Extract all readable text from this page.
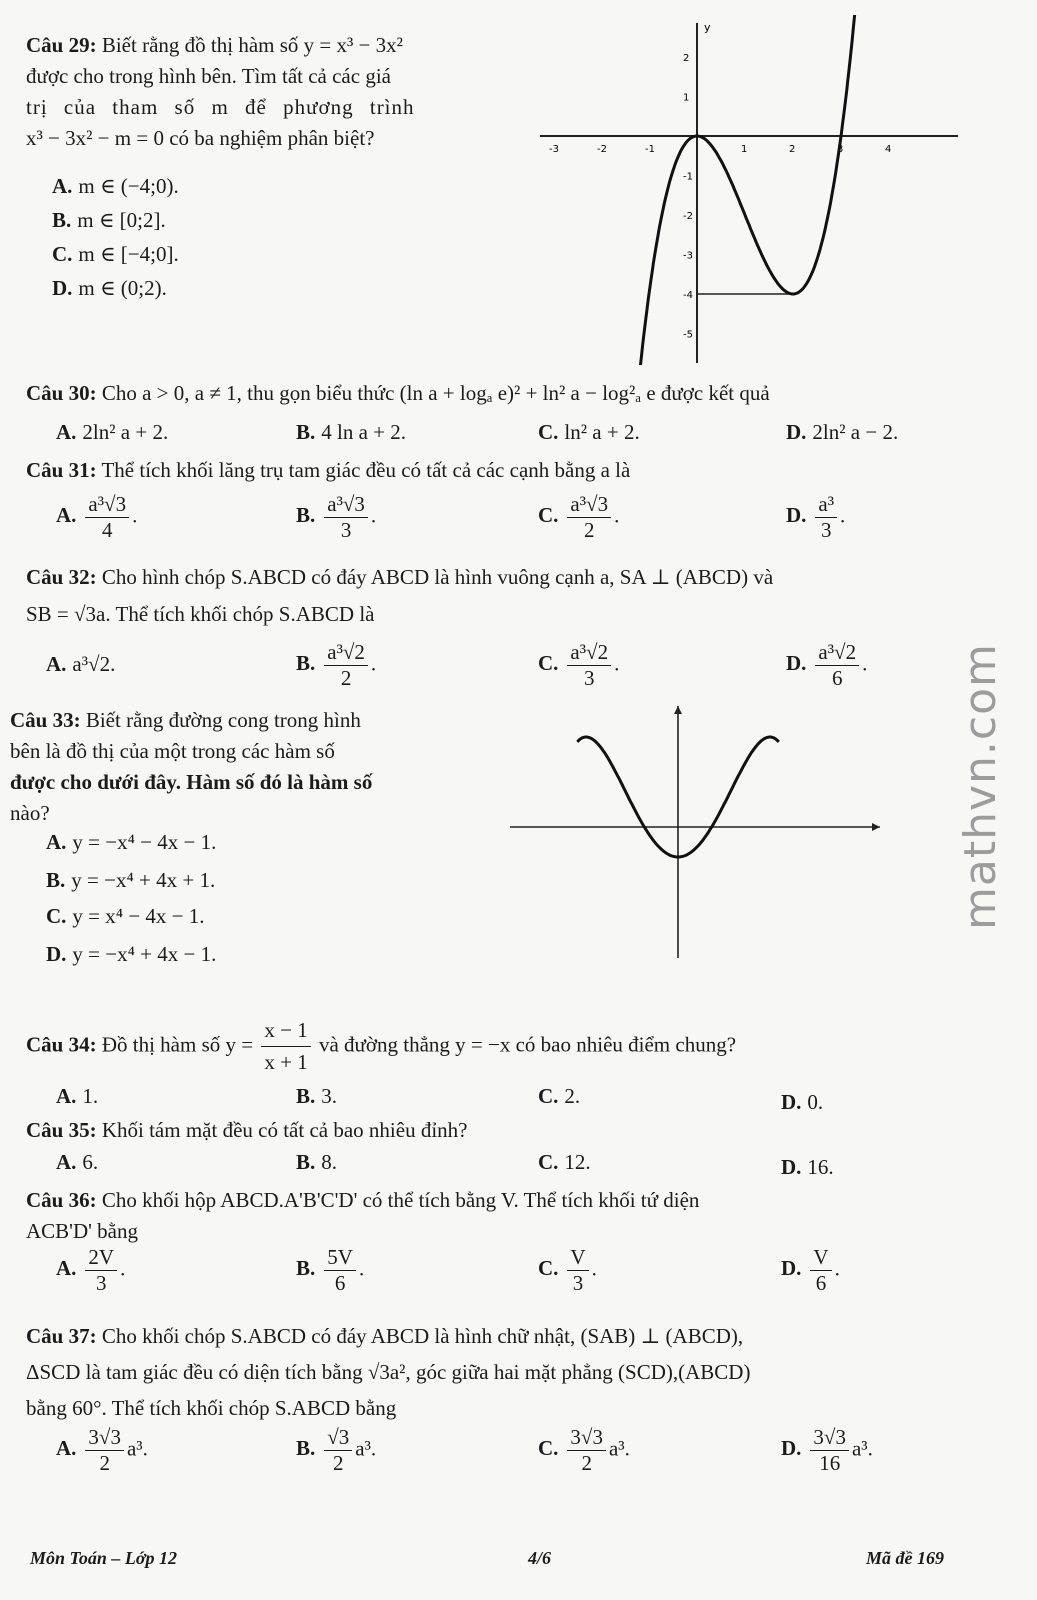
Câu 29: Biết rằng đồ thị hàm số y = x³ − 3x²
được cho trong hình bên. Tìm tất cả các giá
trị của tham số m để phương trình
x³ − 3x² − m = 0 có ba nghiệm phân biệt?
A. m ∈ (−4;0).
B. m ∈ [0;2].
C. m ∈ [−4;0].
D. m ∈ (0;2).
y
-3	-2	-1	1	2	3	4
2
1
-1
-2
-3
-4
-5
Câu 30: Cho a > 0, a ≠ 1, thu gọn biểu thức (ln a + logₐ e)² + ln² a − log²ₐ e được kết quả
A. 2ln² a + 2.	B. 4 ln a + 2.	C. ln² a + 2.	D. 2ln² a − 2.
Câu 31: Thể tích khối lăng trụ tam giác đều có tất cả các cạnh bằng a là
A. $\frac{\text{a³√3}}{4}$ .	B. $\frac{\text{a³√3}}{3}$ .	C. $\frac{\text{a³√3}}{2}$ .	D. $\frac{\text{a³}}{3}$ .
Câu 32: Cho hình chóp S.ABCD có đáy ABCD là hình vuông cạnh a, SA ⊥ (ABCD) và
SB = √3a. Thể tích khối chóp S.ABCD là
A. a³√2.	B. $\frac{\text{a³√2}}{2}$ .	C. $\frac{\text{a³√2}}{3}$ .	D. $\frac{\text{a³√2}}{6}$ .
Câu 33: Biết rằng đường cong trong hình
bên là đồ thị của một trong các hàm số
được cho dưới đây. Hàm số đó là hàm số
nào?
A. y = −x⁴ − 4x − 1.
B. y = −x⁴ + 4x + 1.
C. y = x⁴ − 4x − 1.
D. y = −x⁴ + 4x − 1.
mathvn.com
Câu 34: Đồ thị hàm số $y = \frac{x - 1}{x + 1}$ và đường thẳng y = −x có bao nhiêu điểm chung?
A. 1.	B. 3.	C. 2.	D. 0.
Câu 35: Khối tám mặt đều có tất cả bao nhiêu đỉnh?
A. 6.	B. 8.	C. 12.	D. 16.
Câu 36: Cho khối hộp ABCD.A'B'C'D' có thể tích bằng V. Thể tích khối tứ diện
ACB'D' bằng
A. $\frac{2V}{3}$ .	B. $\frac{5V}{6}$ .	C. $\frac{V}{3}$ .	D. $\frac{V}{6}$ .
Câu 37: Cho khối chóp S.ABCD có đáy ABCD là hình chữ nhật, (SAB) ⊥ (ABCD),
ΔSCD là tam giác đều có diện tích bằng √3a², góc giữa hai mặt phẳng (SCD),(ABCD)
bằng 60°. Thể tích khối chóp S.ABCD bằng
A. $\frac{3√3}{2} a^3$.	B. $\frac{√3}{2} a^3$.	C. $\frac{3√3}{2} a^3$.	D. $\frac{3√3}{16} a^3$.
Môn Toán – Lớp 12	4/6	Mã đề 169
